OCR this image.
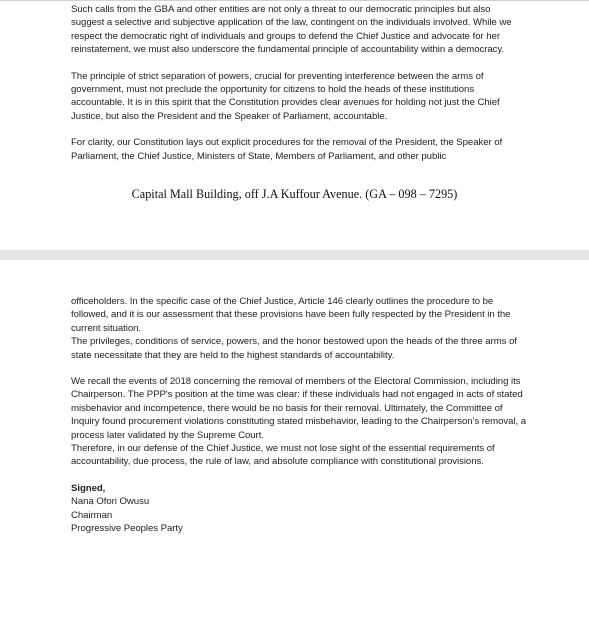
Such calls from the GBA and other entities are not only a threat to our democratic principles but also suggest a selective and subjective application of the law, contingent on the individuals involved. While we respect the democratic right of individuals and groups to defend the Chief Justice and advocate for her reinstatement, we must also underscore the fundamental principle of accountability within a democracy.

The principle of strict separation of powers, crucial for preventing interference between the arms of government, must not preclude the opportunity for citizens to hold the heads of these institutions accountable. It is in this spirit that the Constitution provides clear avenues for holding not just the Chief Justice, but also the President and the Speaker of Parliament, accountable.

For clarity, our Constitution lays out explicit procedures for the removal of the President, the Speaker of Parliament, the Chief Justice, Ministers of State, Members of Parliament, and other public

Capital Mall Building, off J.A Kuffour Avenue. (GA – 098 – 7295)

officeholders. In the specific case of the Chief Justice, Article 146 clearly outlines the procedure to be followed, and it is our assessment that these provisions have been fully respected by the President in the current situation.

The privileges, conditions of service, powers, and the honor bestowed upon the heads of the three arms of state necessitate that they are held to the highest standards of accountability.

We recall the events of 2018 concerning the removal of members of the Electoral Commission, including its Chairperson. The PPP's position at the time was clear: if these individuals had not engaged in acts of stated misbehavior and incompetence, there would be no basis for their removal. Ultimately, the Committee of Inquiry found procurement violations constituting stated misbehavior, leading to the Chairperson's removal, a process later validated by the Supreme Court.

Therefore, in our defense of the Chief Justice, we must not lose sight of the essential requirements of accountability, due process, the rule of law, and absolute compliance with constitutional provisions.

Signed,
Nana Ofori Owusu
Chairman
Progressive Peoples Party
